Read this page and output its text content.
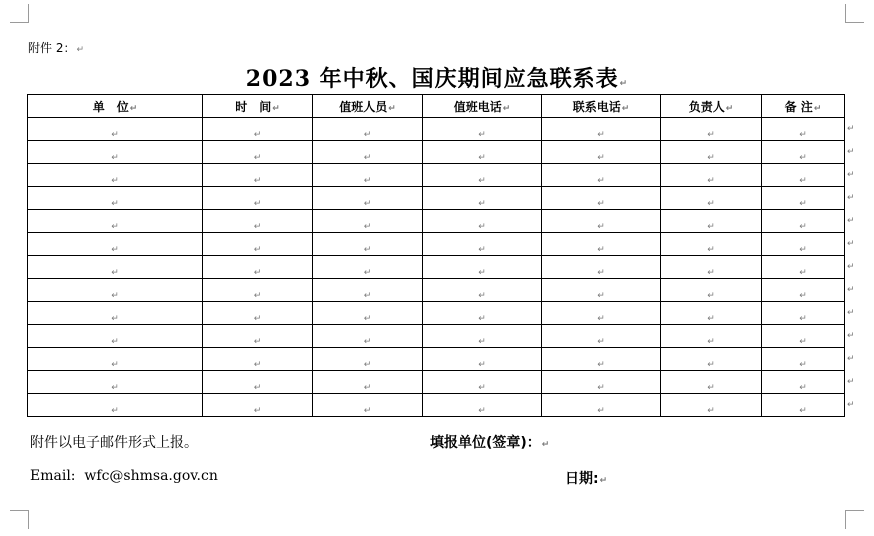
附件 2：↵
2023 年中秋、国庆期间应急联系表↵
单　位↵	时　间↵	值班人员↵	值班电话↵	联系电话↵	负责人↵	备 注↵
↵	↵	↵	↵	↵	↵	↵
↵	↵	↵	↵	↵	↵	↵
↵	↵	↵	↵	↵	↵	↵
↵	↵	↵	↵	↵	↵	↵
↵	↵	↵	↵	↵	↵	↵
↵	↵	↵	↵	↵	↵	↵
↵	↵	↵	↵	↵	↵	↵
↵	↵	↵	↵	↵	↵	↵
↵	↵	↵	↵	↵	↵	↵
↵	↵	↵	↵	↵	↵	↵
↵	↵	↵	↵	↵	↵	↵
↵	↵	↵	↵	↵	↵	↵
↵	↵	↵	↵	↵	↵	↵
↵
↵
↵
↵
↵
↵
↵
↵
↵
↵
↵
↵
↵
附件以电子邮件形式上报。	填报单位(签章)：↵
Email: wfc@shmsa.gov.cn	日期:↵
